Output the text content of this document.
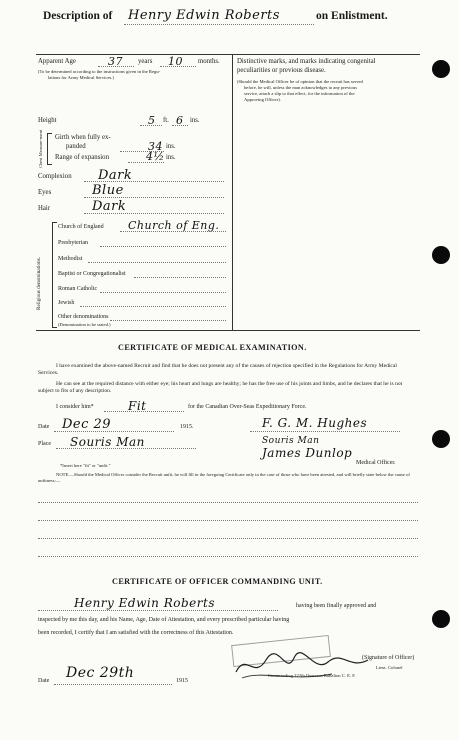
Description of Henry Edwin Roberts	on Enlistment.
Apparent Age	37 years 10 months.
(To be determined according to the instructions given in the Regu-
lations for Army Medical Services.)
Distinctive marks, and marks indicating congenital
peculiarities or previous disease.
(Should the Medical Officer be of opinion that the recruit has served
before, he will, unless the man acknowledges to any previous
service, attach a slip to that effect, for the information of the
Approving Officer).
Height	5 ft. 6 ins.
Chest Measure-ment Girth when fully ex-
panded	34 ins.
Range of expansion	4½ ins.
Complexion Dark
Eyes	Blue
Hair	Dark
Religious denominations.
Church of England Church of Eng.
Presbyterian
Methodist
Baptist or Congregationalist
Roman Catholic
Jewish
Other denominations
(Denomination to be stated.)
CERTIFICATE OF MEDICAL EXAMINATION.
I have examined the above-named Recruit and find that he does not present any of the causes of rejection specified in the Regulations for Army Medical Services.
He can see at the required distance with either eye; his heart and lungs are healthy; he has the free use of his joints and limbs, and he declares that he is not subject to fits of any description.
I consider him*	Fit	for the Canadian Over-Seas Expeditionary Force.
Date Dec 29	1915.	F. G. M. Hughes
Place Souris Man	Souris Man
James Dunlop
*Insert here "fit" or "unfit."	Medical Officer.
NOTE.—Should the Medical Officer consider the Recruit unfit, he will fill in the foregoing Certificate only in the case of those who have been attested, and will briefly state below the cause of unfitness:—
CERTIFICATE OF OFFICER COMMANDING UNIT.
Henry Edwin Roberts	having been finally approved and
inspected by me this day, and his Name, Age, Date of Attestation, and every prescribed particular having
been recorded, I certify that I am satisfied with the correctness of this Attestation.
(Signature of Officer)
Lieut. Colonel
Commanding 222th Overseas Battalion C. E. F.
Date Dec 29th	1915
